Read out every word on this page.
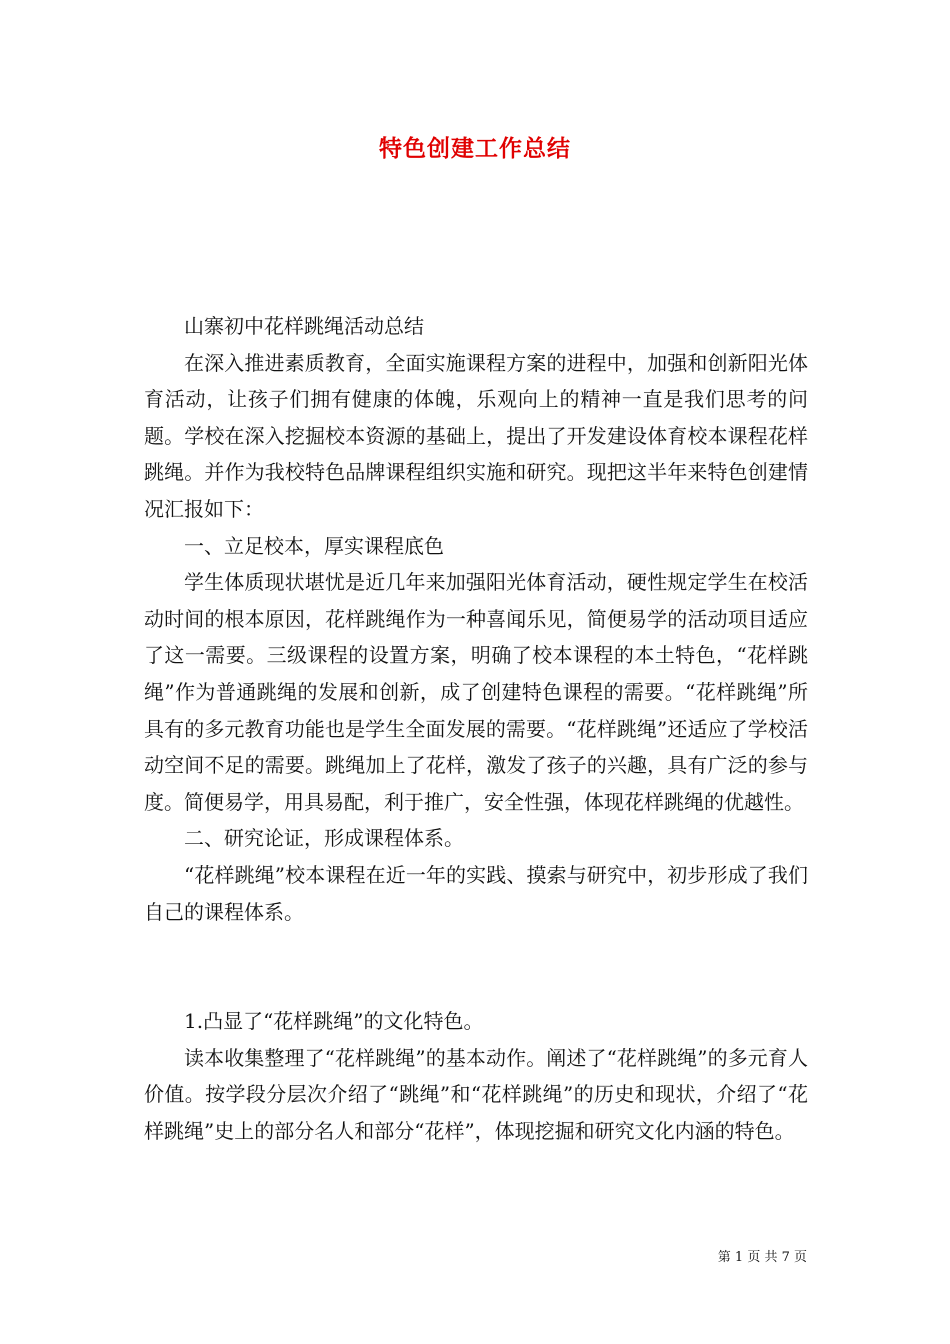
特色创建工作总结

山寨初中花样跳绳活动总结

在深入推进素质教育，全面实施课程方案的进程中，加强和创新阳光体育活动，让孩子们拥有健康的体魄，乐观向上的精神一直是我们思考的问题。学校在深入挖掘校本资源的基础上，提出了开发建设体育校本课程花样跳绳。并作为我校特色品牌课程组织实施和研究。现把这半年来特色创建情况汇报如下：

一、立足校本，厚实课程底色

学生体质现状堪忧是近几年来加强阳光体育活动，硬性规定学生在校活动时间的根本原因，花样跳绳作为一种喜闻乐见，简便易学的活动项目适应了这一需要。三级课程的设置方案，明确了校本课程的本土特色，“花样跳绳”作为普通跳绳的发展和创新，成了创建特色课程的需要。“花样跳绳”所具有的多元教育功能也是学生全面发展的需要。“花样跳绳”还适应了学校活动空间不足的需要。跳绳加上了花样，激发了孩子的兴趣，具有广泛的参与度。简便易学，用具易配，利于推广，安全性强，体现花样跳绳的优越性。

二、研究论证，形成课程体系。

“花样跳绳”校本课程在近一年的实践、摸索与研究中，初步形成了我们自己的课程体系。

1.凸显了“花样跳绳”的文化特色。

读本收集整理了“花样跳绳”的基本动作。阐述了“花样跳绳”的多元育人价值。按学段分层次介绍了“跳绳”和“花样跳绳”的历史和现状，介绍了“花样跳绳”史上的部分名人和部分“花样”，体现挖掘和研究文化内涵的特色。

第 1 页 共 7 页
